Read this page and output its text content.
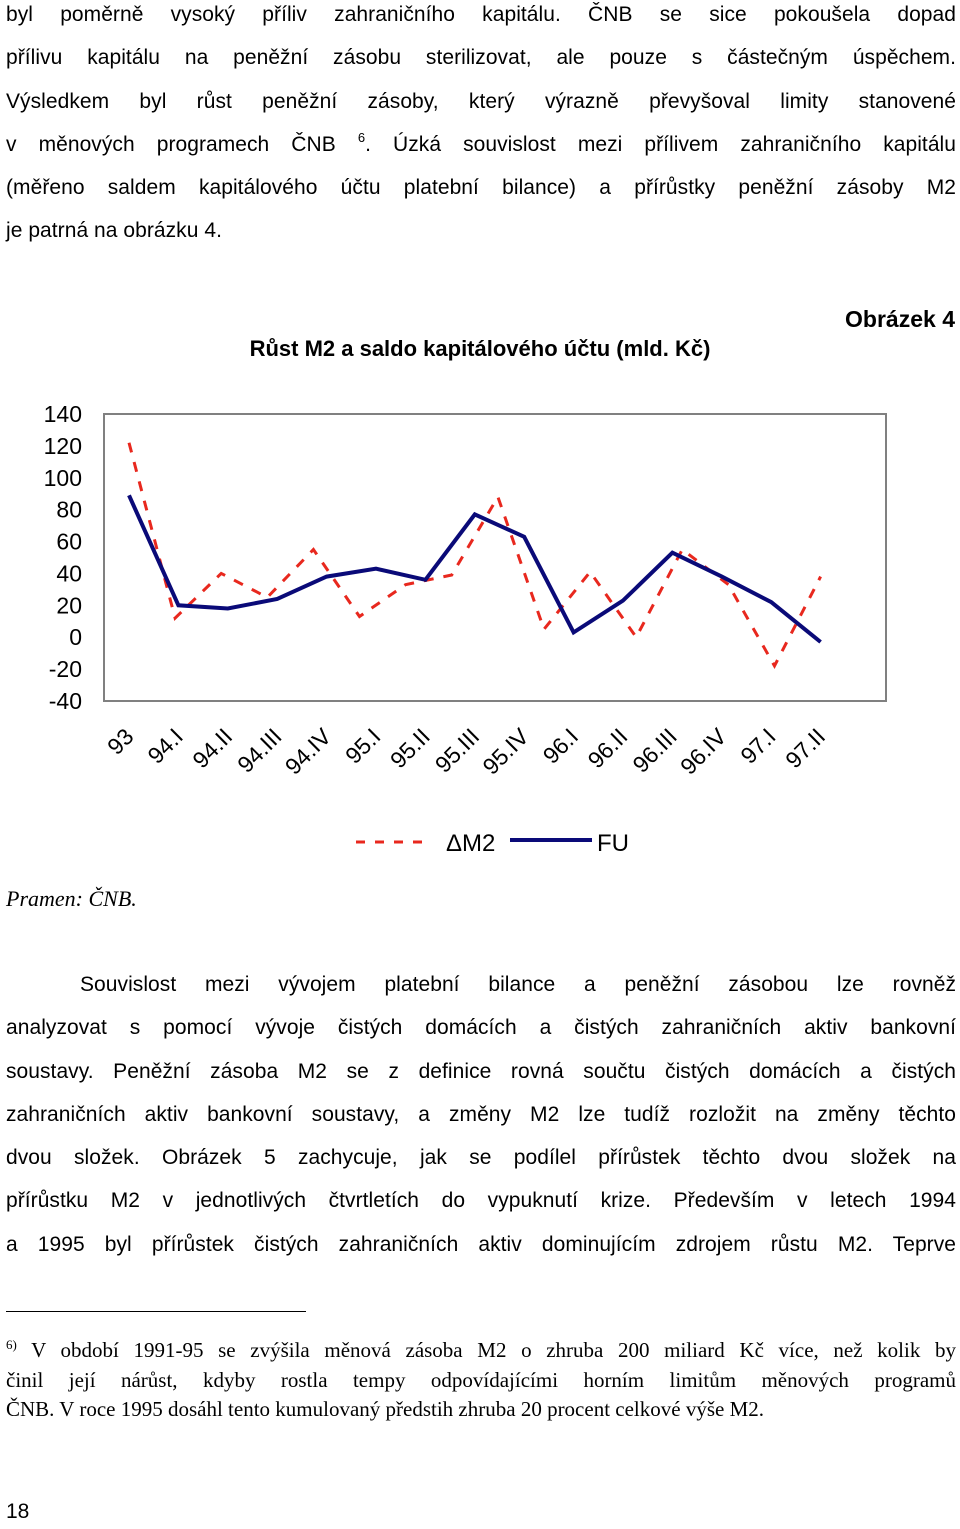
byl poměrně vysoký příliv zahraničního kapitálu. ČNB se sice pokoušela dopad
přílivu kapitálu na peněžní zásobu sterilizovat, ale pouze s částečným úspěchem.
Výsledkem byl růst peněžní zásoby, který výrazně převyšoval limity stanovené
v měnových programech ČNB $^6$. Úzká souvislost mezi přílivem zahraničního kapitálu
(měřeno saldem kapitálového účtu platební bilance) a přírůstky peněžní zásoby M2
je patrná na obrázku 4.
Obrázek 4
Růst M2 a saldo kapitálového účtu (mld. Kč)
140
120
100
80
60
40
20
0
-20
-40
93 94.I 94.II
94.III
94.IV 95.I 95.II
95.III
95.IV 96.I 96.II
96.III
96.IV 97.I 97.II
ΔM2	FU
Pramen: ČNB.
Souvislost mezi vývojem platební bilance a peněžní zásobou lze rovněž
analyzovat s pomocí vývoje čistých domácích a čistých zahraničních aktiv bankovní
soustavy. Peněžní zásoba M2 se z definice rovná součtu čistých domácích a čistých
zahraničních aktiv bankovní soustavy, a změny M2 lze tudíž rozložit na změny těchto
dvou složek. Obrázek 5 zachycuje, jak se podílel přírůstek těchto dvou složek na
přírůstku M2 v jednotlivých čtvrtletích do vypuknutí krize. Především v letech 1994
a 1995 byl přírůstek čistých zahraničních aktiv dominujícím zdrojem růstu M2. Teprve
$^{6)}$ V období 1991-95 se zvýšila měnová zásoba M2 o zhruba 200 miliard Kč více, než kolik by
činil její nárůst, kdyby rostla tempy odpovídajícími horním limitům měnových programů
ČNB. V roce 1995 dosáhl tento kumulovaný předstih zhruba 20 procent celkové výše M2.
18
